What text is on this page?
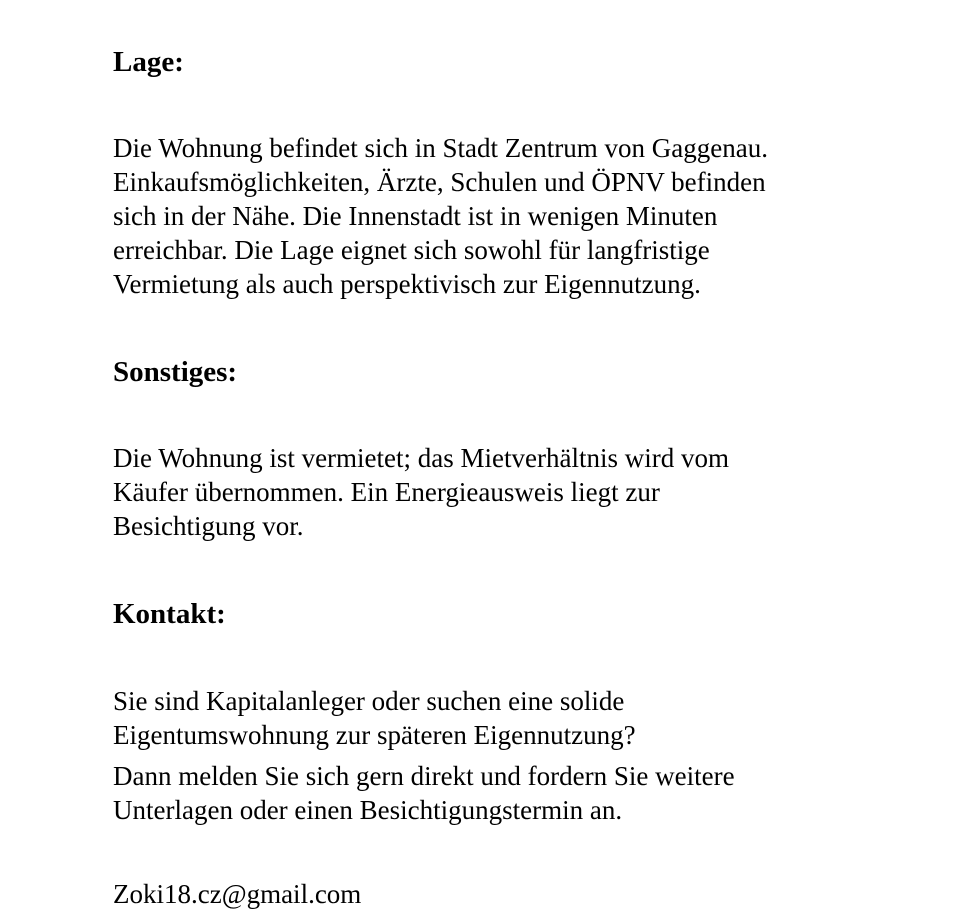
Lage:

Die Wohnung befindet sich in Stadt Zentrum von Gaggenau.
Einkaufsmöglichkeiten, Ärzte, Schulen und ÖPNV befinden
sich in der Nähe. Die Innenstadt ist in wenigen Minuten
erreichbar. Die Lage eignet sich sowohl für langfristige
Vermietung als auch perspektivisch zur Eigennutzung.

Sonstiges:

Die Wohnung ist vermietet; das Mietverhältnis wird vom
Käufer übernommen. Ein Energieausweis liegt zur
Besichtigung vor.

Kontakt:

Sie sind Kapitalanleger oder suchen eine solide
Eigentumswohnung zur späteren Eigennutzung?

Dann melden Sie sich gern direkt und fordern Sie weitere
Unterlagen oder einen Besichtigungstermin an.

Zoki18.cz@gmail.com
